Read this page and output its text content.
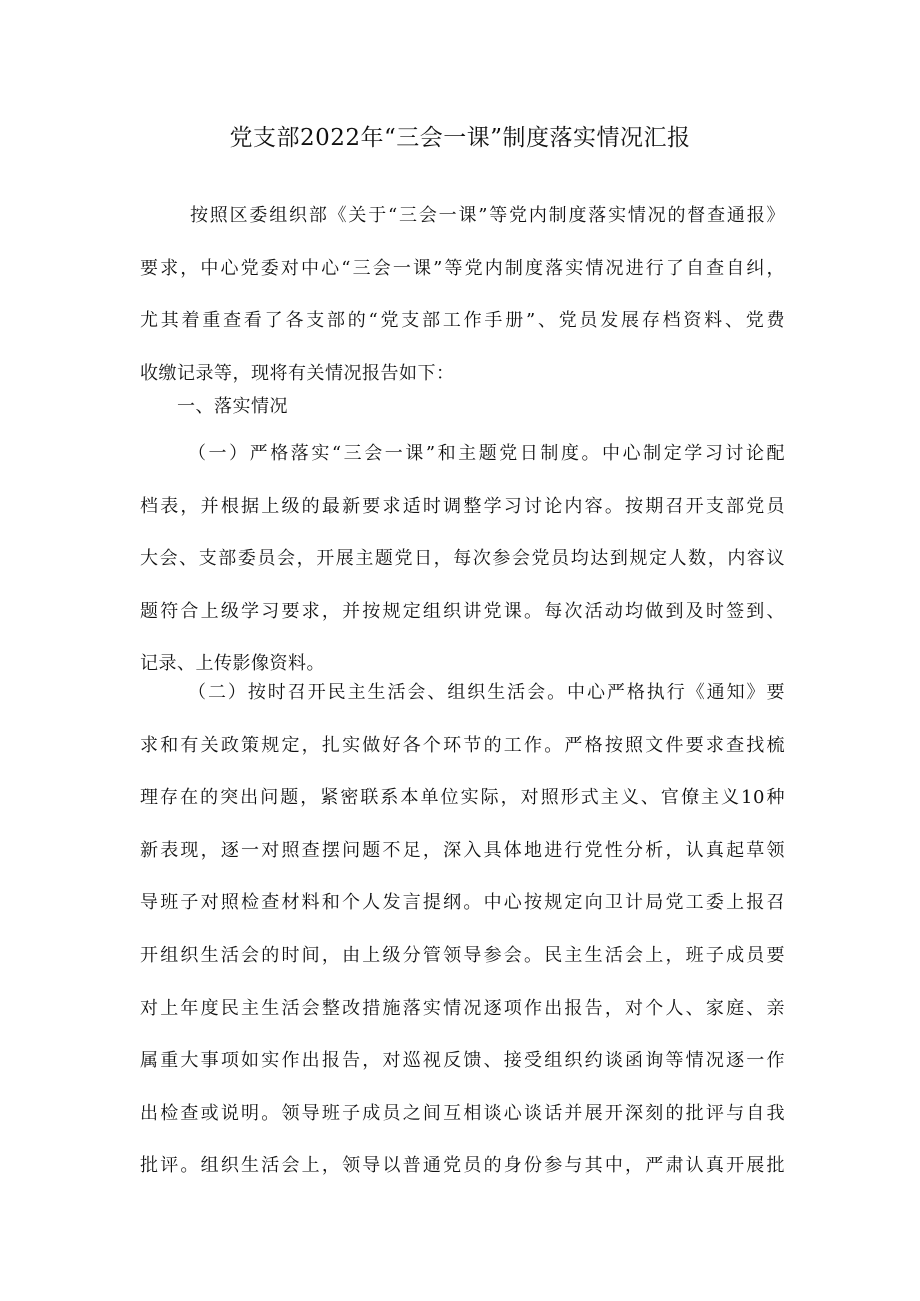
党支部2022年“三会一课”制度落实情况汇报

按照区委组织部《关于“三会一课”等党内制度落实情况的督查通报》
要求，中心党委对中心“三会一课”等党内制度落实情况进行了自查自纠，
尤其着重查看了各支部的“党支部工作手册”、党员发展存档资料、党费
收缴记录等，现将有关情况报告如下：

一、落实情况

（一）严格落实“三会一课”和主题党日制度。中心制定学习讨论配
档表，并根据上级的最新要求适时调整学习讨论内容。按期召开支部党员
大会、支部委员会，开展主题党日，每次参会党员均达到规定人数，内容议
题符合上级学习要求，并按规定组织讲党课。每次活动均做到及时签到、
记录、上传影像资料。

（二）按时召开民主生活会、组织生活会。中心严格执行《通知》要
求和有关政策规定，扎实做好各个环节的工作。严格按照文件要求查找梳
理存在的突出问题，紧密联系本单位实际，对照形式主义、官僚主义10种
新表现，逐一对照查摆问题不足，深入具体地进行党性分析，认真起草领
导班子对照检查材料和个人发言提纲。中心按规定向卫计局党工委上报召
开组织生活会的时间，由上级分管领导参会。民主生活会上，班子成员要
对上年度民主生活会整改措施落实情况逐项作出报告，对个人、家庭、亲
属重大事项如实作出报告，对巡视反馈、接受组织约谈函询等情况逐一作
出检查或说明。领导班子成员之间互相谈心谈话并展开深刻的批评与自我
批评。组织生活会上，领导以普通党员的身份参与其中，严肃认真开展批
